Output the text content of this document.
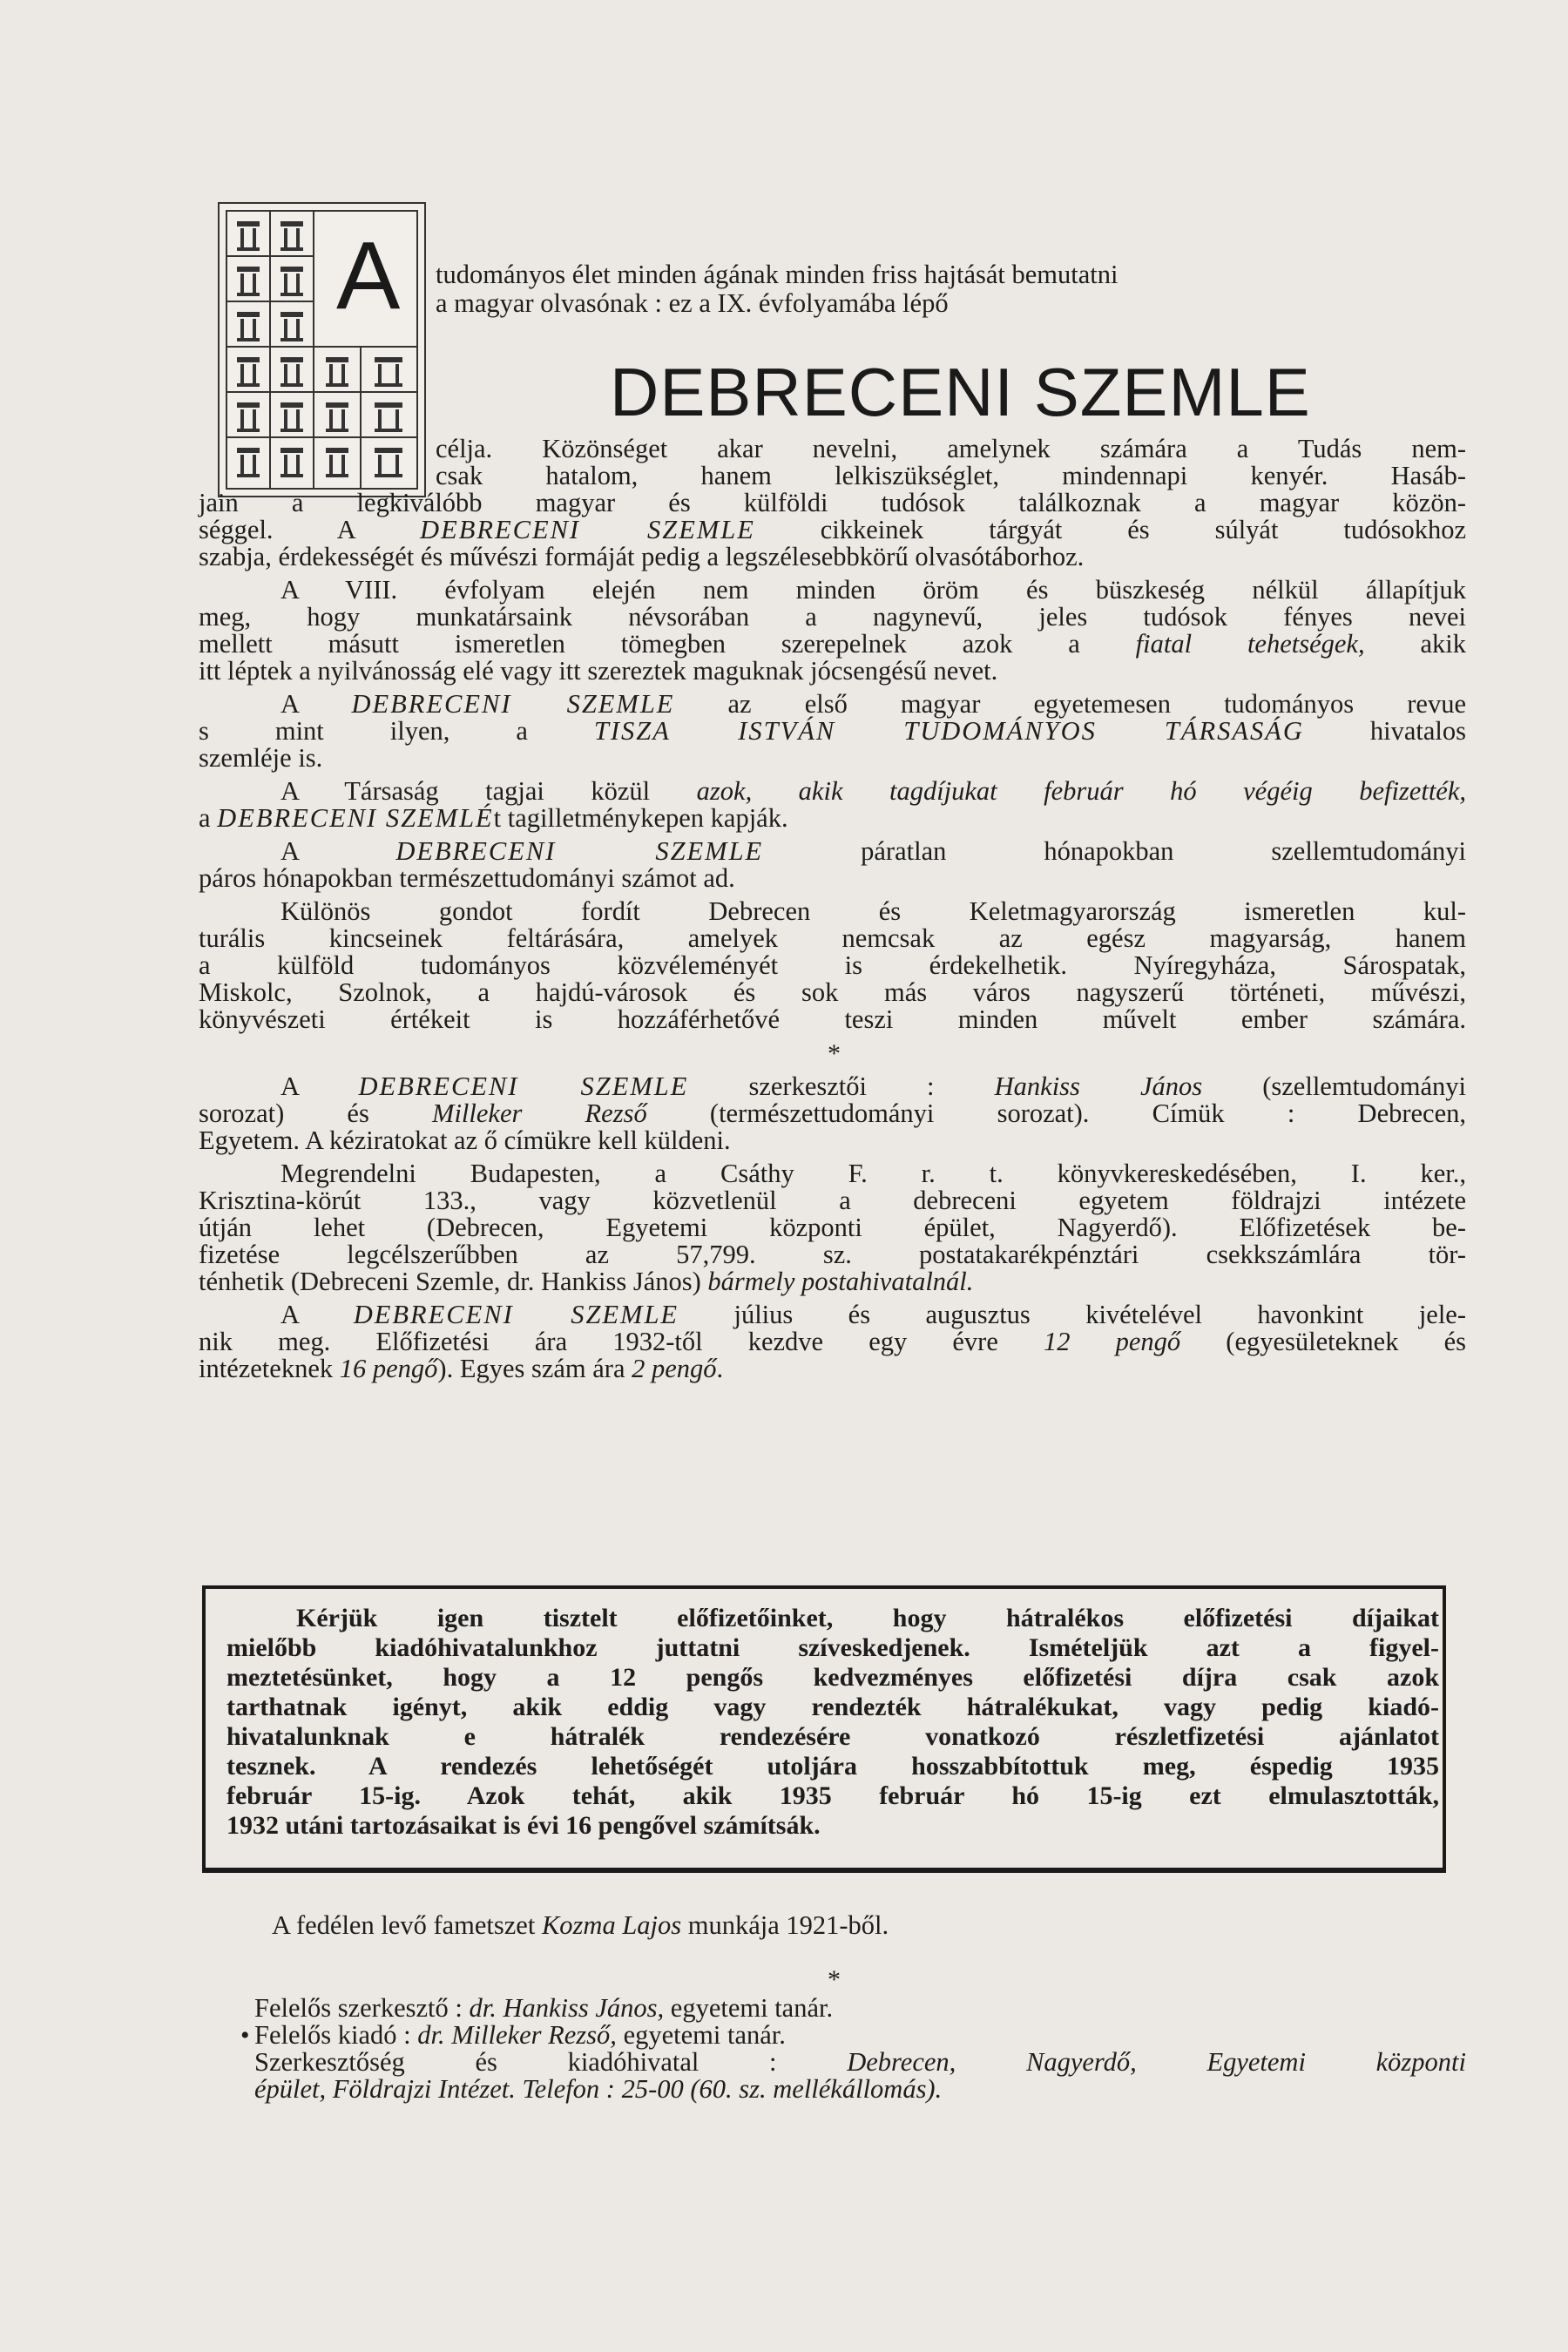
A tudományos élet minden ágának minden friss hajtását bemutatni
a magyar olvasónak : ez a IX. évfolyamába lépő
DEBRECENI SZEMLE
célja. Közönséget akar nevelni, amelynek számára a Tudás nem-
csak hatalom, hanem lelkiszükséglet, mindennapi kenyér. Hasáb-
jain a legkiválóbb magyar és külföldi tudósok találkoznak a magyar közön-
séggel. A DEBRECENI SZEMLE cikkeinek tárgyát és súlyát tudósokhoz
szabja, érdekességét és művészi formáját pedig a legszélesebbkörű olvasótáborhoz.
A VIII. évfolyam elején nem minden öröm és büszkeség nélkül állapítjuk
meg, hogy munkatársaink névsorában a nagynevű, jeles tudósok fényes nevei
mellett másutt ismeretlen tömegben szerepelnek azok a fiatal tehetségek, akik
itt léptek a nyilvánosság elé vagy itt szereztek maguknak jócsengésű nevet.
A DEBRECENI SZEMLE az első magyar egyetemesen tudományos revue
s mint ilyen, a TISZA ISTVÁN TUDOMÁNYOS TÁRSASÁG hivatalos
szemléje is.
A Társaság tagjai közül azok, akik tagdíjukat február hó végéig befizették,
a DEBRECENI SZEMLÉt tagilletménykepen kapják.
A DEBRECENI SZEMLE páratlan hónapokban szellemtudományi
páros hónapokban természettudományi számot ad.
Különös gondot fordít Debrecen és Keletmagyarország ismeretlen kul-
turális kincseinek feltárására, amelyek nemcsak az egész magyarság, hanem
a külföld tudományos közvéleményét is érdekelhetik. Nyíregyháza, Sárospatak,
Miskolc, Szolnok, a hajdú-városok és sok más város nagyszerű történeti, művészi,
könyvészeti értékeit is hozzáférhetővé teszi minden művelt ember számára.
*
A DEBRECENI SZEMLE szerkesztői : Hankiss János (szellemtudományi
sorozat) és Milleker Rezső (természettudományi sorozat). Címük : Debrecen,
Egyetem. A kéziratokat az ő címükre kell küldeni.
Megrendelni Budapesten, a Csáthy F. r. t. könyvkereskedésében, I. ker.,
Krisztina-körút 133., vagy közvetlenül a debreceni egyetem földrajzi intézete
útján lehet (Debrecen, Egyetemi központi épület, Nagyerdő). Előfizetések be-
fizetése legcélszerűbben az 57,799. sz. postatakarékpénztári csekkszámlára tör-
ténhetik (Debreceni Szemle, dr. Hankiss János) bármely postahivatalnál.
A DEBRECENI SZEMLE július és augusztus kivételével havonkint jele-
nik meg. Előfizetési ára 1932-től kezdve egy évre 12 pengő (egyesületeknek és
intézeteknek 16 pengő). Egyes szám ára 2 pengő.
Kérjük igen tisztelt előfizetőinket, hogy hátralékos előfizetési díjaikat
mielőbb kiadóhivatalunkhoz juttatni szíveskedjenek. Ismételjük azt a figyel-
meztetésünket, hogy a 12 pengős kedvezményes előfizetési díjra csak azok
tarthatnak igényt, akik eddig vagy rendezték hátralékukat, vagy pedig kiadó-
hivatalunknak e hátralék rendezésére vonatkozó részletfizetési ajánlatot
tesznek. A rendezés lehetőségét utoljára hosszabbítottuk meg, éspedig 1935
február 15-ig. Azok tehát, akik 1935 február hó 15-ig ezt elmulasztották,
1932 utáni tartozásaikat is évi 16 pengővel számítsák.
A fedélen levő fametszet Kozma Lajos munkája 1921-ből.
*
Felelős szerkesztő : dr. Hankiss János, egyetemi tanár.
• Felelős kiadó : dr. Milleker Rezső, egyetemi tanár.
Szerkesztőség és kiadóhivatal : Debrecen, Nagyerdő, Egyetemi központi
épület, Földrajzi Intézet. Telefon : 25-00 (60. sz. mellékállomás).
